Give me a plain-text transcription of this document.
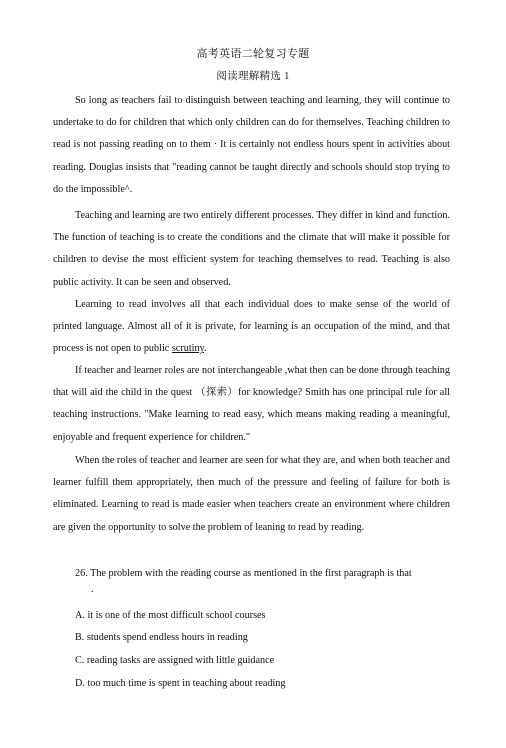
高考英语二轮复习专题
阅读理解精选 1

So long as teachers fail to distinguish between teaching and learning, they will continue to undertake to do for children that which only children can do for themselves. Teaching children to read is not passing reading on to them · It is certainly not endless hours spent in activities about reading. Douglas insists that "reading cannot be taught directly and schools should stop trying to do the impossible^.

Teaching and learning are two entirely different processes. They differ in kind and function. The function of teaching is to create the conditions and the climate that will make it possible for children to devise the most efficient system for teaching themselves to read. Teaching is also public activity. It can be seen and observed.

Learning to read involves all that each individual does to make sense of the world of printed language. Almost all of it is private, for learning is an occupation of the mind, and that process is not open to public scrutiny.

If teacher and learner roles are not interchangeable ,what then can be done through teaching that will aid the child in the quest （探索）for knowledge? Smith has one principal rule for all teaching instructions. "Make learning to read easy, which means making reading a meaningful, enjoyable and frequent experience for children."

When the roles of teacher and learner are seen for what they are, and when both teacher and learner fulfill them appropriately, then much of the pressure and feeling of failure for both is eliminated. Learning to read is made easier when teachers create an environment where children are given the opportunity to solve the problem of leaning to read by reading.

26. The problem with the reading course as mentioned in the first paragraph is that

.
A. it is one of the most difficult school courses
B. students spend endless hours in reading
C. reading tasks are assigned with little guidance
D. too much time is spent in teaching about reading
